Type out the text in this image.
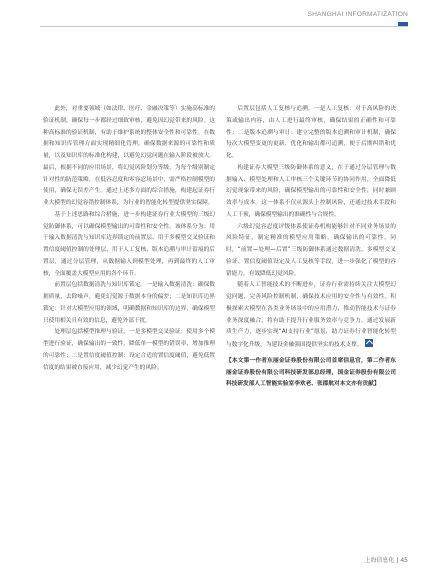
SHANGHAI INFORMATIZATION

此外，对重要领域（如法律、医疗、金融决策等）实施高标准的验证机制，确保每一步都经过细致审核，避免因幻觉带来的风险。这种高标准的验证机制，有助于维护系统的整体安全性和可靠性。在数据和知识库管理方面实现精细化管理，确保数据来源的可靠性和质量，以及知识库的标准化构建，以避免幻觉问题在输入阶段被放大。最后，根据不同的应用场景，将幻觉风险划分等级，为每个级别制定针对性的防范策略，在低容忍度和零容忍场景中，需严格控制模型的使用，确保无误差产生。通过上述多方面的综合措施，构建起证券行业大模型的幻觉容错控制体系，为行业的智能化转型提供坚实保障。

基于上述思路和综合措施，进一步构建证券行业大模型的三级幻觉防御体系，可以确保模型输出的可靠性和安全性。该体系分为：用于输入数据清洗与知识库边界锁定的前置层、用于多模型交叉验证和置信度阈值控制的处理层、用于人工复核、版本追溯与审计留痕的后置层，通过分层管理，从数据输入到模型处理，再到最终的人工审核，全面覆盖大模型应用的各个环节。

前置层包括数据清洗与知识库锁定。一是输入数据清洗：确保数据质量，去除噪声，避免幻觉源于数据本身的偏差；二是知识库边界锁定：针对大模型应用的领域，明确数据和知识库的边界，确保模型只使用相关且有效的信息，避免外部干扰。

处理层包括模型推理与验证。一是多模型交叉验证：使用多个模型进行验证，确保输出的一致性，降低单一模型的错误率，增加推理的可靠性；二是置信度阈值控制：设定合适的置信度阈值，避免低置信度的结果被直接应用，减少幻觉产生的风险。

后置层包括人工复核与追溯。一是人工复核：对于高风险的决策或输出内容，由人工进行最终审核，确保结果的正确性和可靠性；二是版本追溯与审计：建立完整的版本追溯和审计机制，确保每次大模型变更的更新、优化和输出都可追溯，便于后期纠错和优化。

构建证券大模型三级防御体系的意义，在于通过分层管理与数据输入、模型处理和人工审核三个关键环节的协同作用，全面降低幻觉现象带来的风险，确保模型输出的可靠性和安全性，同时兼顾效率与成本。这一体系不仅从源头上控制风险，还通过技术手段和人工干预，确保模型输出的准确性与合规性。

六级幻觉容忍度评级体系使证券机构能够针对不同业务场景的风险特征，制定精准的模型应用策略，确保输出的可靠性。同时，“前置—处理—后置”三级防御体系通过数据清洗、多模型交叉验证、置信度阈值设定及人工复核等手段，进一步强化了模型的容错能力，有效降低幻觉风险。

随着人工智能技术的不断进步，证券行业需持续关注大模型幻觉问题，完善风险控制机制，确保技术应用的安全性与有效性。积极探索大模型在各类业务场景中的应用潜力，推动智能技术与证券业务深度融合，将有助于提升行业服务效率与竞争力。通过发展新质生产力，逐步实现“AI支持行业”愿景，助力证券行业智能化转型与数字化升级，为建设金融强国提供坚实的技术支撑。

【本文第一作者东丽金证券股份有限公司首席信息官，第二作者东丽金证券股份有限公司科技研发部总经理，国金证券股份有限公司科技研发部人工智能实验室李欢老、张郡航对本文亦有贡献】

上海信息化 | 45
